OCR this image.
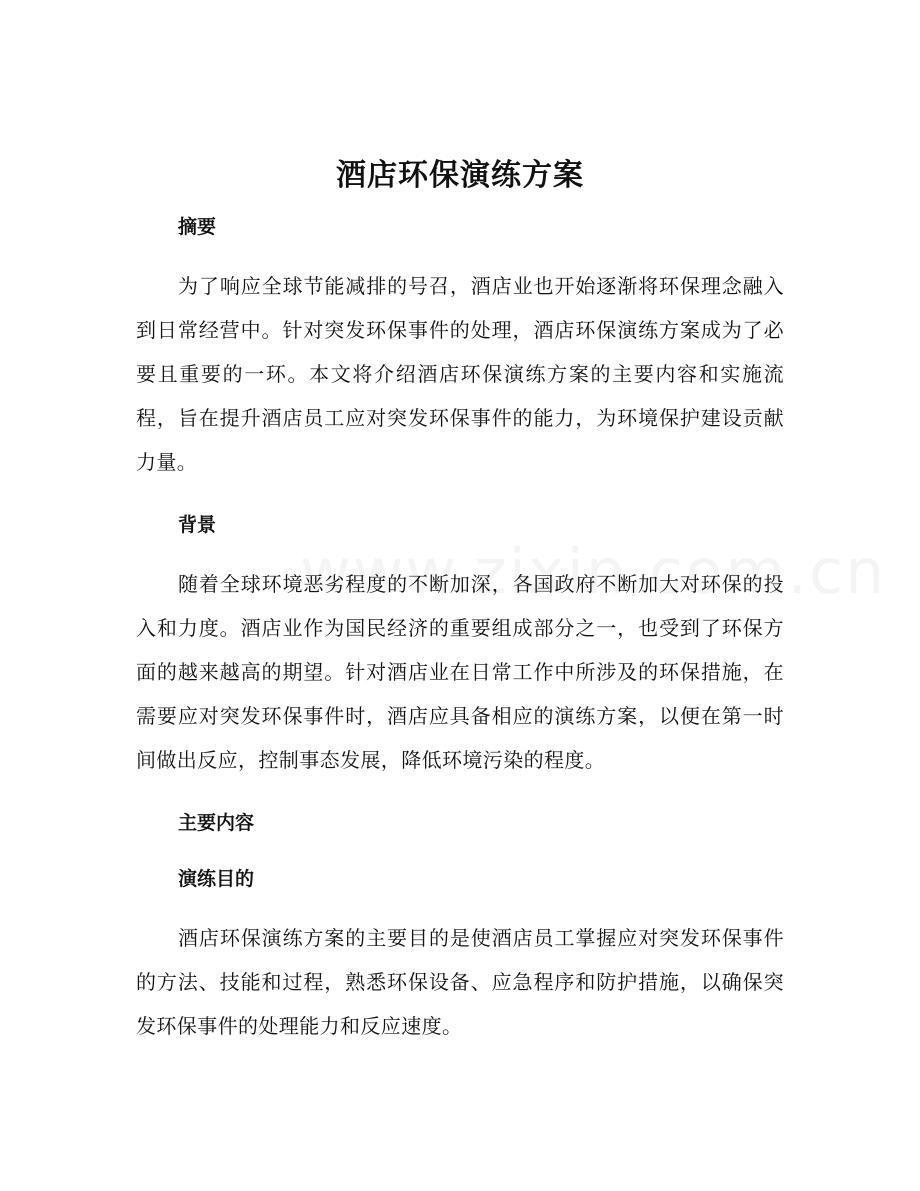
酒店环保演练方案
摘要

为了响应全球节能减排的号召，酒店业也开始逐渐将环保理念融入到日常经营中。针对突发环保事件的处理，酒店环保演练方案成为了必要且重要的一环。本文将介绍酒店环保演练方案的主要内容和实施流程，旨在提升酒店员工应对突发环保事件的能力，为环境保护建设贡献力量。

背景

随着全球环境恶劣程度的不断加深，各国政府不断加大对环保的投入和力度。酒店业作为国民经济的重要组成部分之一，也受到了环保方面的越来越高的期望。针对酒店业在日常工作中所涉及的环保措施，在需要应对突发环保事件时，酒店应具备相应的演练方案，以便在第一时间做出反应，控制事态发展，降低环境污染的程度。

主要内容
演练目的

酒店环保演练方案的主要目的是使酒店员工掌握应对突发环保事件的方法、技能和过程，熟悉环保设备、应急程序和防护措施，以确保突发环保事件的处理能力和反应速度。
